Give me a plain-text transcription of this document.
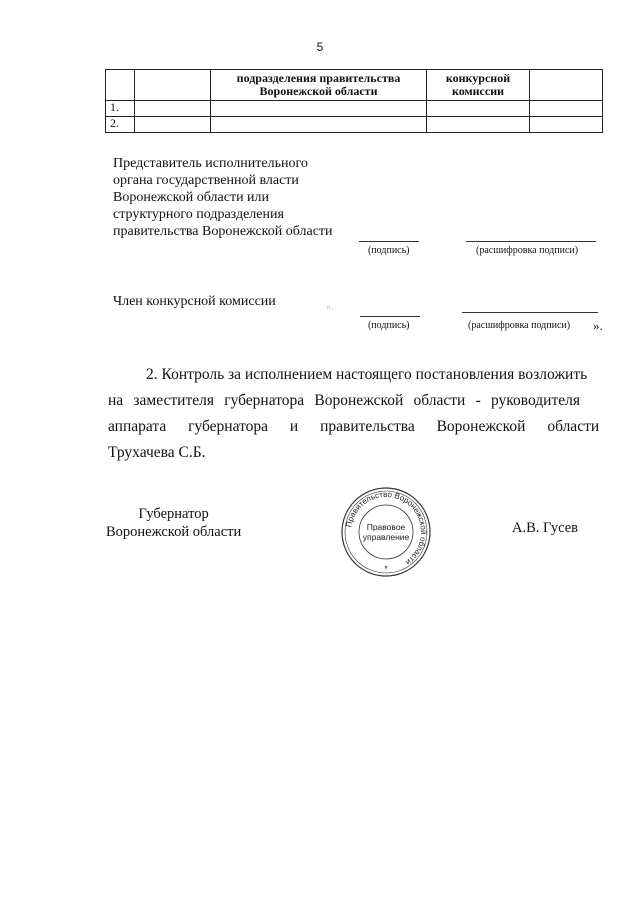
5
		подразделения правительства Воронежской области	конкурсной комиссии	
1.				
2.				
Представитель исполнительного
органа государственной власти
Воронежской области или
структурного подразделения
правительства Воронежской области
(подпись)	(расшифровка подписи)
Член конкурсной комиссии	».
(подпись)	(расшифровка подписи) ».
2. Контроль за исполнением настоящего постановления возложить
на заместителя губернатора Воронежской области - руководителя
аппарата губернатора и правительства Воронежской области
Трухачева С.Б.
Губернатор
Воронежской области	Правительство Воронежской области
Правовое
управление
*
А.В. Гусев
